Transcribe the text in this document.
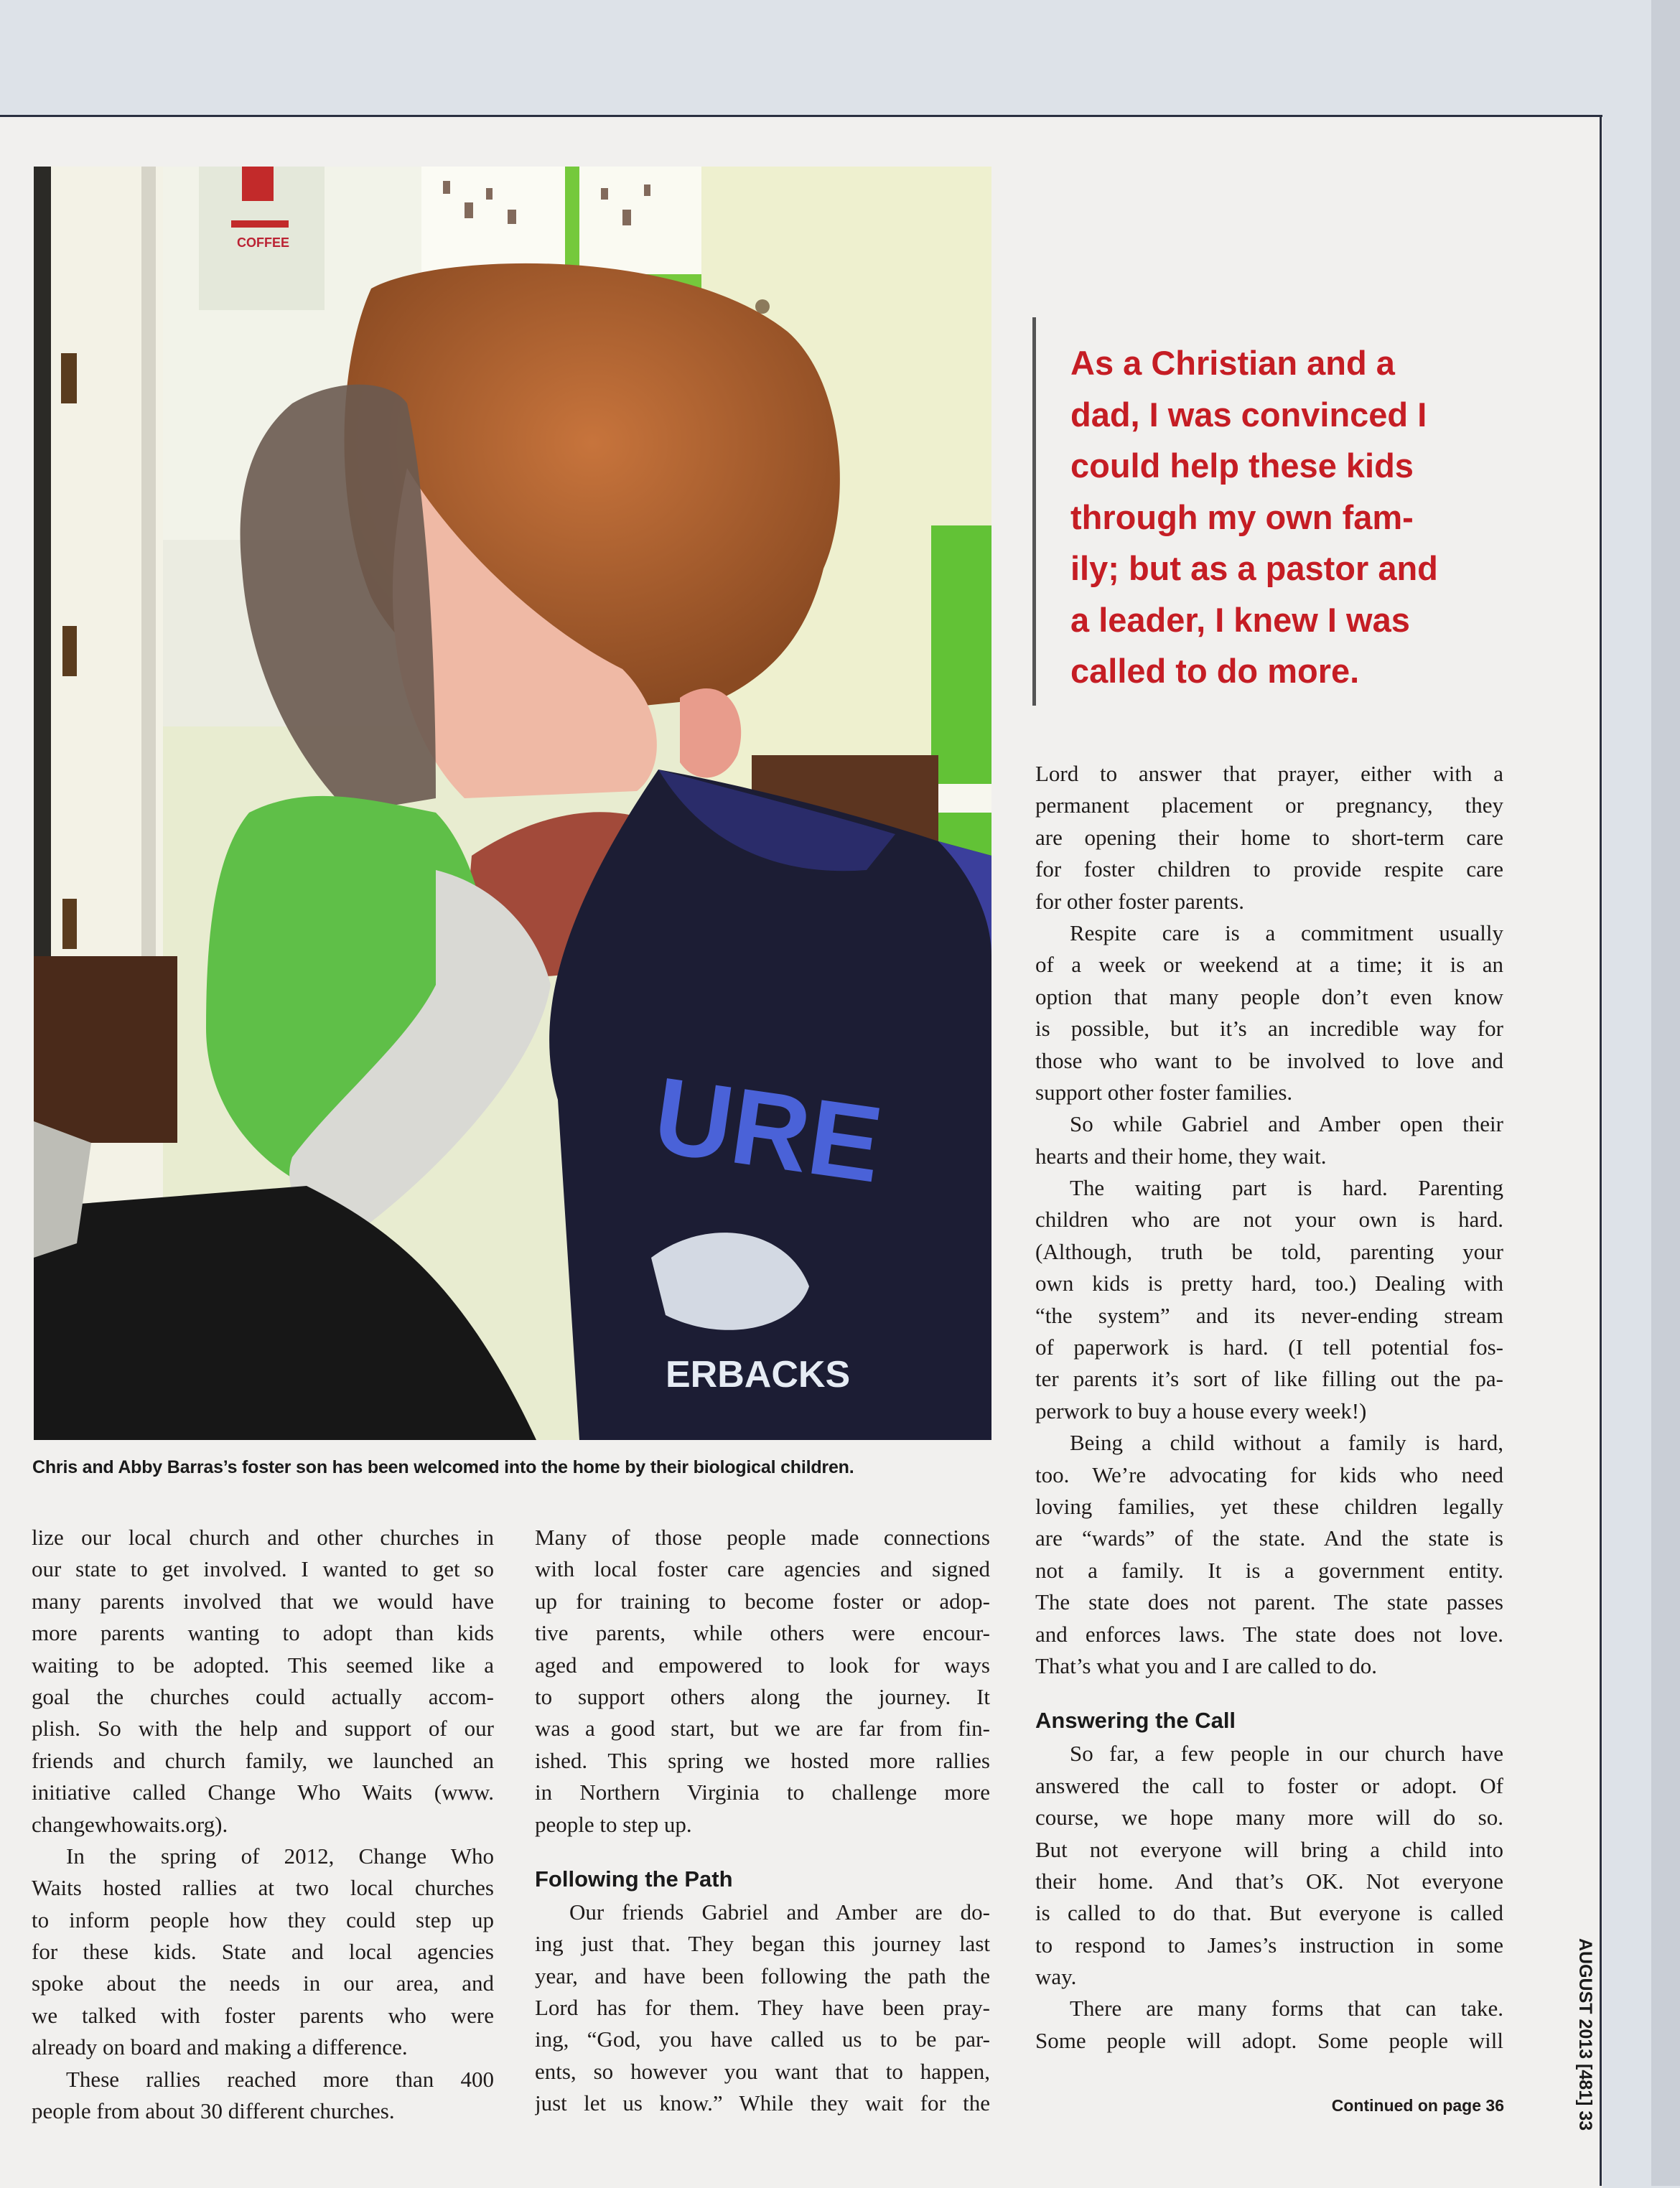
COFFEE
URE
ERBACKS
Chris and Abby Barras’s foster son has been welcomed into the home by their biological children.
As a Christian and a
dad, I was convinced I
could help these kids
through my own fam-
ily; but as a pastor and
a leader, I knew I was
called to do more.
lize our local church and other churches in
our state to get involved. I wanted to get so
many parents involved that we would have
more parents wanting to adopt than kids
waiting to be adopted. This seemed like a
goal the churches could actually accom-
plish. So with the help and support of our
friends and church family, we launched an
initiative called Change Who Waits (www.
changewhowaits.org).
In the spring of 2012, Change Who
Waits hosted rallies at two local churches
to inform people how they could step up
for these kids. State and local agencies
spoke about the needs in our area, and
we talked with foster parents who were
already on board and making a difference.
These rallies reached more than 400
people from about 30 different churches.
Many of those people made connections
with local foster care agencies and signed
up for training to become foster or adop-
tive parents, while others were encour-
aged and empowered to look for ways
to support others along the journey. It
was a good start, but we are far from fin-
ished. This spring we hosted more rallies
in Northern Virginia to challenge more
people to step up.
Following the Path
Our friends Gabriel and Amber are do-
ing just that. They began this journey last
year, and have been following the path the
Lord has for them. They have been pray-
ing, “God, you have called us to be par-
ents, so however you want that to happen,
just let us know.” While they wait for the
Lord to answer that prayer, either with a
permanent placement or pregnancy, they
are opening their home to short-term care
for foster children to provide respite care
for other foster parents.
Respite care is a commitment usually
of a week or weekend at a time; it is an
option that many people don’t even know
is possible, but it’s an incredible way for
those who want to be involved to love and
support other foster families.
So while Gabriel and Amber open their
hearts and their home, they wait.
The waiting part is hard. Parenting
children who are not your own is hard.
(Although, truth be told, parenting your
own kids is pretty hard, too.) Dealing with
“the system” and its never-ending stream
of paperwork is hard. (I tell potential fos-
ter parents it’s sort of like filling out the pa-
perwork to buy a house every week!)
Being a child without a family is hard,
too. We’re advocating for kids who need
loving families, yet these children legally
are “wards” of the state. And the state is
not a family. It is a government entity.
The state does not parent. The state passes
and enforces laws. The state does not love.
That’s what you and I are called to do.
Answering the Call
So far, a few people in our church have
answered the call to foster or adopt. Of
course, we hope many more will do so.
But not everyone will bring a child into
their home. And that’s OK. Not everyone
is called to do that. But everyone is called
to respond to James’s instruction in some
way.
There are many forms that can take.
Some people will adopt. Some people will
Continued on page 36	AUGUST 2013 [481] 33
